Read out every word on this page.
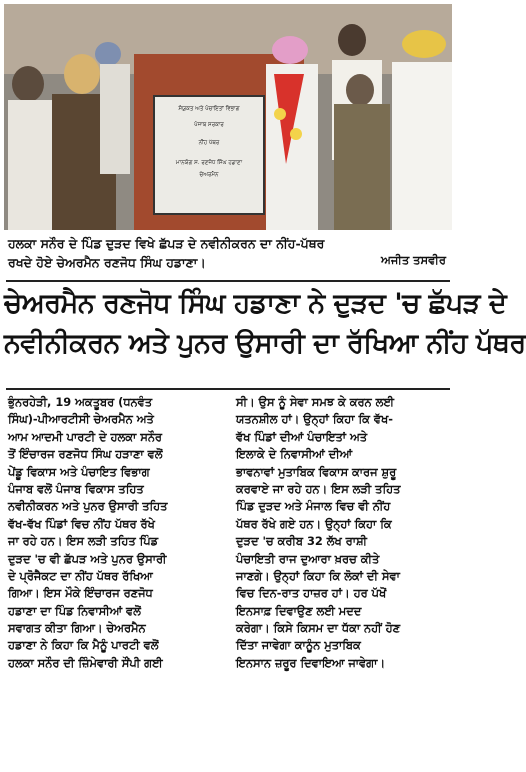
ਸੰਯੁਕਤ ਅਤੇ ਪੰਚਾਇਤਾਂ ਵਿਭਾਗ
ਪੰਜਾਬ ਸਰਕਾਰ
ਨੀਂਹ ਪੱਥਰ
ਮਾਨਯੋਗ ਸ. ਰਣਜੋਧ ਸਿੰਘ ਹਡਾਣਾ
ਚੇਅਰਮੈਨ
ਹਲਕਾ ਸਨੌਰ ਦੇ ਪਿੰਡ ਦੁੜਦ ਵਿਖੇ ਛੱਪੜ ਦੇ ਨਵੀਨੀਕਰਨ ਦਾ ਨੀਂਹ-ਪੱਥਰ
ਰਖਦੇ ਹੋਏ ਚੇਅਰਮੈਨ ਰਣਜੋਧ ਸਿੰਘ ਹਡਾਣਾ।	ਅਜੀਤ ਤਸਵੀਰ
ਚੇਅਰਮੈਨ ਰਣਜੋਧ ਸਿੰਘ ਹਡਾਣਾ ਨੇ ਦੁੜਦ 'ਚ ਛੱਪੜ ਦੇ
ਨਵੀਨੀਕਰਨ ਅਤੇ ਪੁਨਰ ਉਸਾਰੀ ਦਾ ਰੱਖਿਆ ਨੀਂਹ ਪੱਥਰ
ਭੁੰਨਰਹੇੜੀ, 19 ਅਕਤੂਬਰ (ਧਨਵੰਤ
ਸਿੰਘ)-ਪੀਆਰਟੀਸੀ ਚੇਅਰਮੈਨ ਅਤੇ
ਆਮ ਆਦਮੀ ਪਾਰਟੀ ਦੇ ਹਲਕਾ ਸਨੌਰ
ਤੋਂ ਇੰਚਾਰਜ ਰਣਜੋਧ ਸਿੰਘ ਹੜਾਣਾ ਵਲੋਂ
ਪੇਂਡੂ ਵਿਕਾਸ ਅਤੇ ਪੰਚਾਇਤ ਵਿਭਾਗ
ਪੰਜਾਬ ਵਲੋਂ ਪੰਜਾਬ ਵਿਕਾਸ ਤਹਿਤ
ਨਵੀਨੀਕਰਨ ਅਤੇ ਪੁਨਰ ਉਸਾਰੀ ਤਹਿਤ
ਵੱਖ-ਵੱਖ ਪਿੰਡਾਂ ਵਿਚ ਨੀਂਹ ਪੱਥਰ ਰੱਖੇ
ਜਾ ਰਹੇ ਹਨ। ਇਸ ਲੜੀ ਤਹਿਤ ਪਿੰਡ
ਦੁੜਦ 'ਚ ਵੀ ਛੱਪੜ ਅਤੇ ਪੁਨਰ ਉਸਾਰੀ
ਦੇ ਪ੍ਰੋਜੈਕਟ ਦਾ ਨੀਂਹ ਪੱਥਰ ਰੱਖਿਆ
ਗਿਆ। ਇਸ ਮੌਕੇ ਇੰਚਾਰਜ ਰਣਜੋਧ
ਹਡਾਣਾ ਦਾ ਪਿੰਡ ਨਿਵਾਸੀਆਂ ਵਲੋਂ
ਸਵਾਗਤ ਕੀਤਾ ਗਿਆ। ਚੇਅਰਮੈਨ
ਹਡਾਣਾ ਨੇ ਕਿਹਾ ਕਿ ਮੈਨੂੰ ਪਾਰਟੀ ਵਲੋਂ
ਹਲਕਾ ਸਨੌਰ ਦੀ ਜ਼ਿੰਮੇਵਾਰੀ ਸੌਂਪੀ ਗਈ
ਸੀ। ਉਸ ਨੂੰ ਸੇਵਾ ਸਮਝ ਕੇ ਕਰਨ ਲਈ
ਯਤਨਸ਼ੀਲ ਹਾਂ। ਉਨ੍ਹਾਂ ਕਿਹਾ ਕਿ ਵੱਖ-
ਵੱਖ ਪਿੰਡਾਂ ਦੀਆਂ ਪੰਚਾਇਤਾਂ ਅਤੇ
ਇਲਾਕੇ ਦੇ ਨਿਵਾਸੀਆਂ ਦੀਆਂ
ਭਾਵਨਾਵਾਂ ਮੁਤਾਬਿਕ ਵਿਕਾਸ ਕਾਰਜ ਸ਼ੁਰੂ
ਕਰਵਾਏ ਜਾ ਰਹੇ ਹਨ। ਇਸ ਲੜੀ ਤਹਿਤ
ਪਿੰਡ ਦੁੜਦ ਅਤੇ ਮੰਜਾਲ ਵਿਚ ਵੀ ਨੀਂਹ
ਪੱਥਰ ਰੱਖੇ ਗਏ ਹਨ। ਉਨ੍ਹਾਂ ਕਿਹਾ ਕਿ
ਦੁੜਦ 'ਚ ਕਰੀਬ 32 ਲੱਖ ਰਾਸ਼ੀ
ਪੰਚਾਇਤੀ ਰਾਜ ਦੁਆਰਾ ਖ਼ਰਚ ਕੀਤੇ
ਜਾਣਗੇ। ਉਨ੍ਹਾਂ ਕਿਹਾ ਕਿ ਲੋਕਾਂ ਦੀ ਸੇਵਾ
ਵਿਚ ਦਿਨ-ਰਾਤ ਹਾਜ਼ਰ ਹਾਂ। ਹਰ ਪੱਖੋਂ
ਇਨਸਾਫ਼ ਦਿਵਾਉਣ ਲਈ ਮਦਦ
ਕਰੇਗਾ। ਕਿਸੇ ਕਿਸਮ ਦਾ ਧੱਕਾ ਨਹੀਂ ਹੋਣ
ਦਿੱਤਾ ਜਾਵੇਗਾ ਕਾਨੂੰਨ ਮੁਤਾਬਿਕ
ਇਨਸਾਨ ਜ਼ਰੂਰ ਦਿਵਾਇਆ ਜਾਵੇਗਾ।
